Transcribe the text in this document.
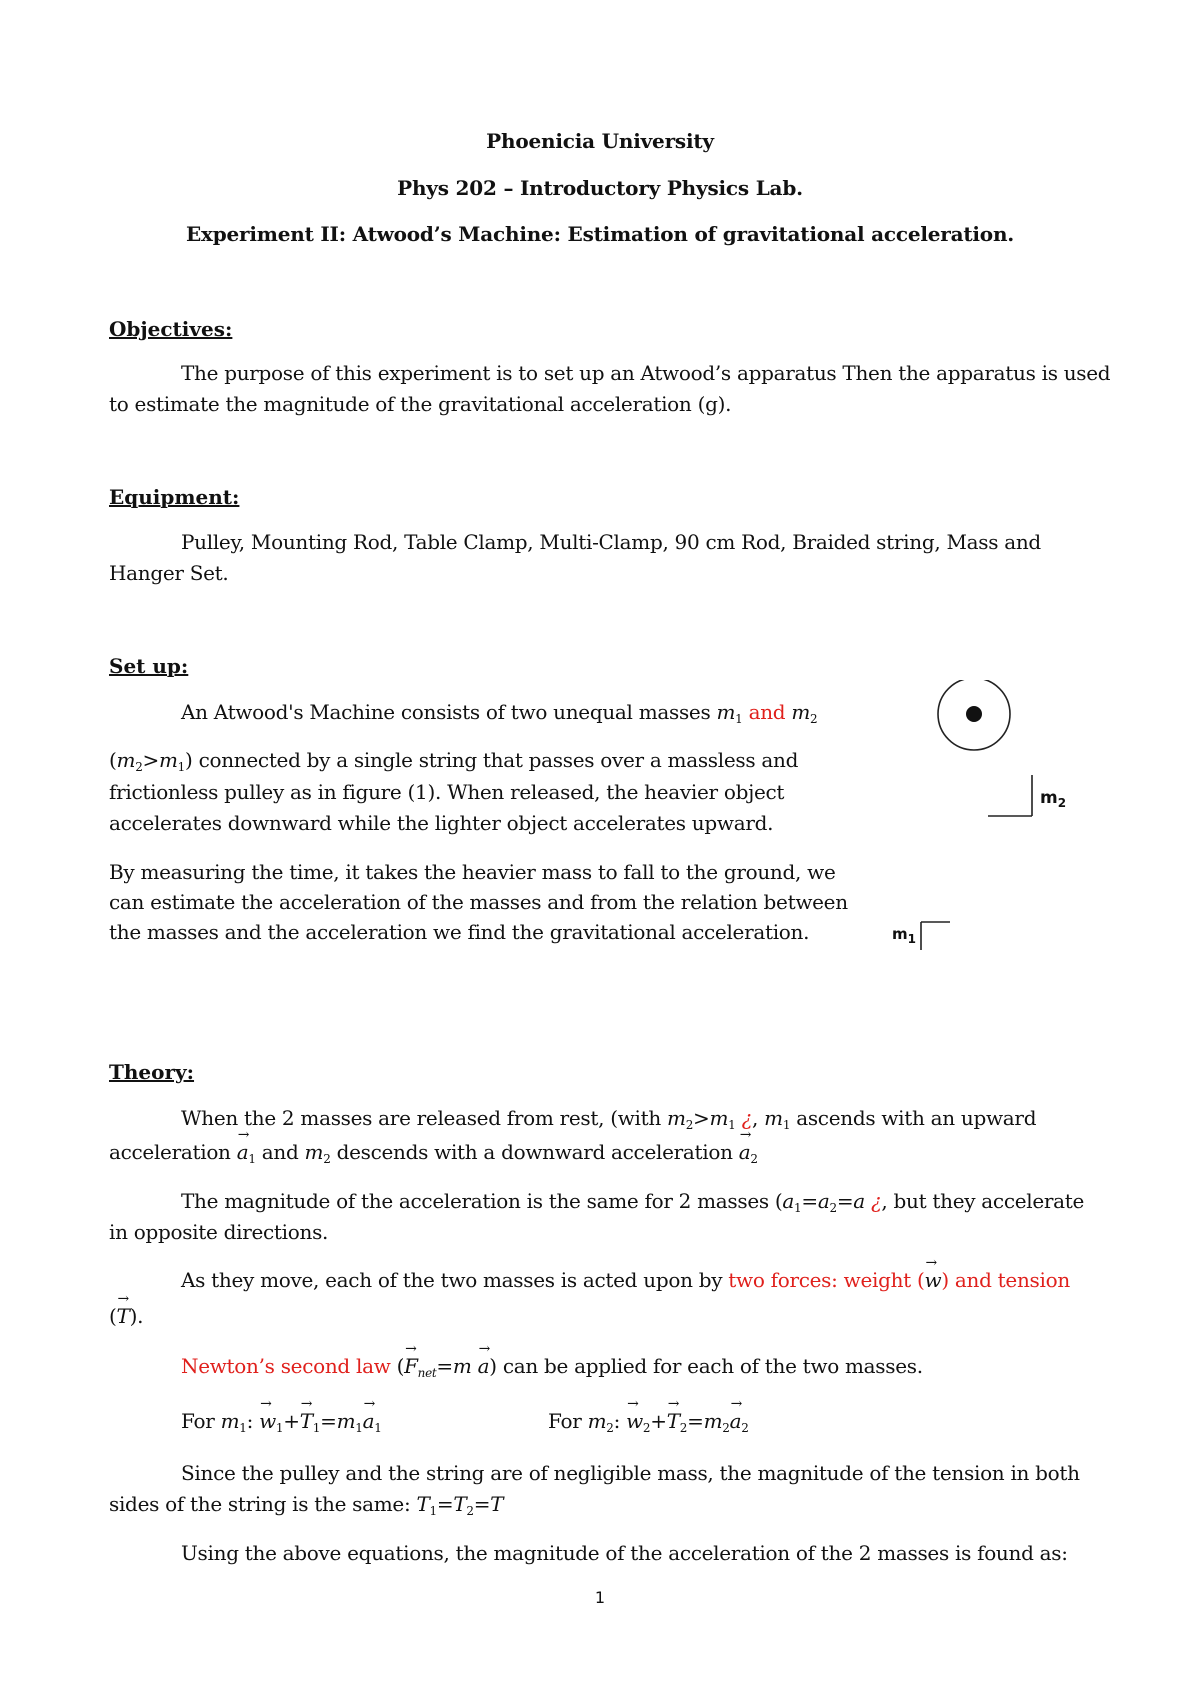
Phoenicia University
Phys 202 – Introductory Physics Lab.
Experiment II: Atwood’s Machine: Estimation of gravitational acceleration.
Objectives:
The purpose of this experiment is to set up an Atwood’s apparatus Then the apparatus is used
to estimate the magnitude of the gravitational acceleration (g).
Equipment:
Pulley, Mounting Rod, Table Clamp, Multi-Clamp, 90 cm Rod, Braided string, Mass and
Hanger Set.
Set up:
An Atwood's Machine consists of two unequal masses $m_1$ and $m_2$
$(m_2>m_1)$ connected by a single string that passes over a massless and
frictionless pulley as in figure (1). When released, the heavier object
accelerates downward while the lighter object accelerates upward.
By measuring the time, it takes the heavier mass to fall to the ground, we
can estimate the acceleration of the masses and from the relation between
the masses and the acceleration we find the gravitational acceleration.
$m_2$
$m_1$
Theory:
When the 2 masses are released from rest, (with $m_2>m_1$ ¿, $m_1$ ascends with an upward
acceleration → $a_1$ and $m_2$ descends with a downward acceleration → $a_2$
The magnitude of the acceleration is the same for 2 masses ($a_1=a_2=a$ ¿, but they accelerate
in opposite directions.
As they move, each of the two masses is acted upon by two forces: weight (→ w) and tension
(→ T).
Newton’s second law (→ $F_{net}=m \to a$) can be applied for each of the two masses.
For $m_1$: → $w_1+\to T_1=m_1\to a_1$	For $m_2$: → $w_2+\to T_2=m_2\to a_2$
Since the pulley and the string are of negligible mass, the magnitude of the tension in both
sides of the string is the same: $T_1=T_2=T$
Using the above equations, the magnitude of the acceleration of the 2 masses is found as:
1
